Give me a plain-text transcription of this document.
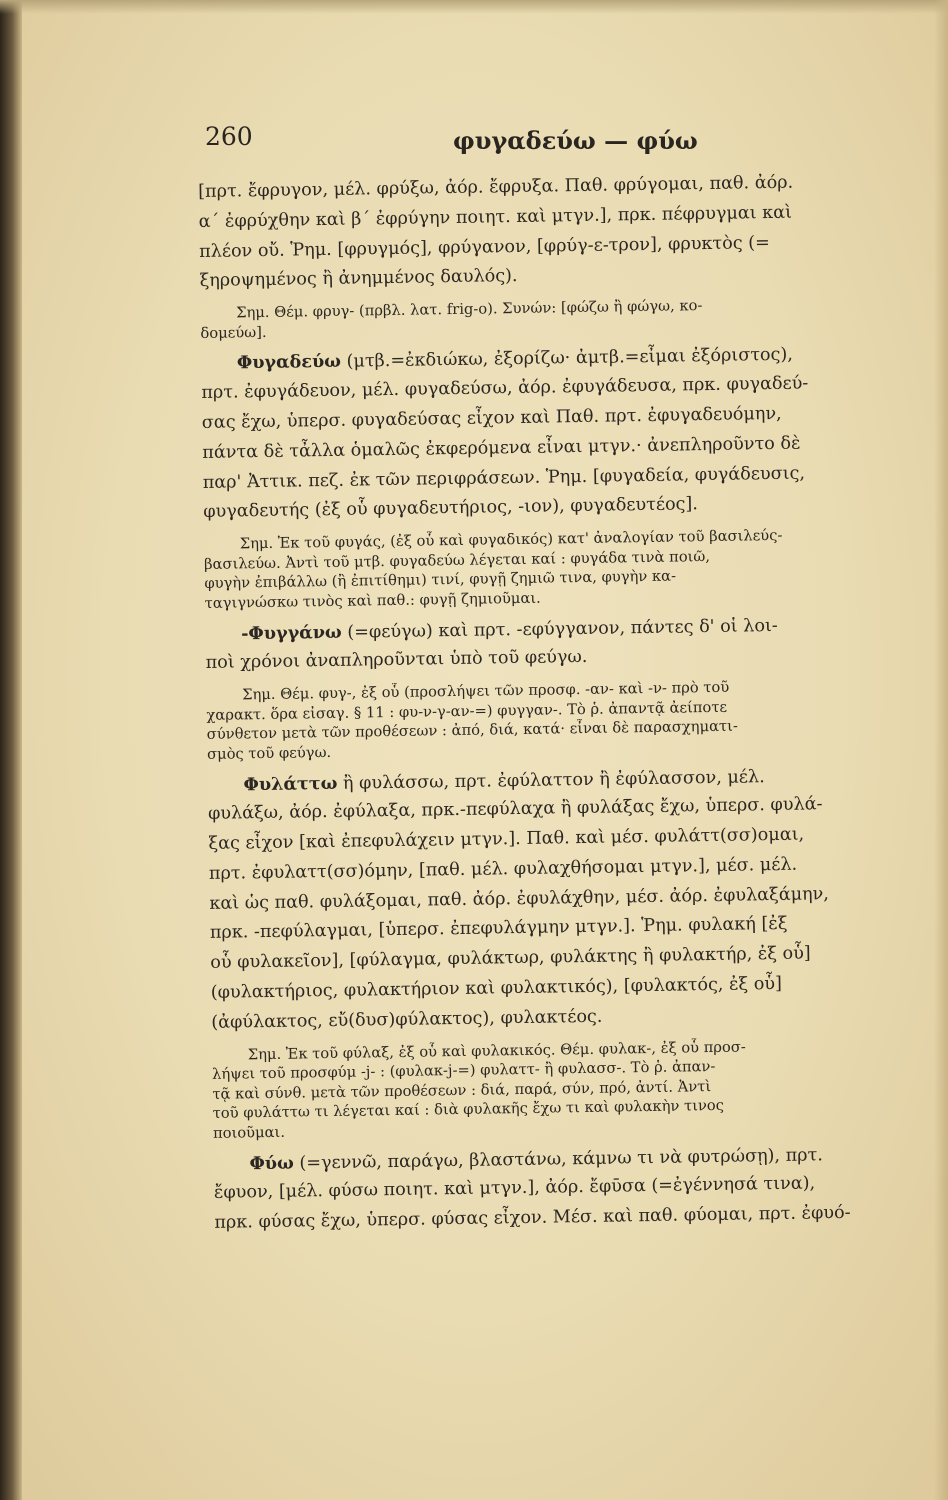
260	φυγαδεύω — φύω
[πρτ. ἔφρυγον, μέλ. φρύξω, ἀόρ. ἔφρυξα. Παθ. φρύγομαι, παθ. ἀόρ.
α΄ ἐφρύχθην καὶ β΄ ἐφρύγην ποιητ. καὶ μτγν.], πρκ. πέφρυγμαι καὶ
πλέον οὔ. Ῥημ. [φρυγμός], φρύγανον, [φρύγ-ε-τρον], φρυκτὸς (=
ξηροψημένος ἢ ἀνημμένος δαυλός).
Σημ. Θέμ. φρυγ- (πρβλ. λατ. frig-o). Συνών: [φώζω ἢ φώγω, κο-
δομεύω].
Φυγαδεύω (μτβ.=ἐκδιώκω, ἐξορίζω· ἀμτβ.=εἶμαι ἐξόριστος),
πρτ. ἐφυγάδευον, μέλ. φυγαδεύσω, ἀόρ. ἐφυγάδευσα, πρκ. φυγαδεύ-
σας ἔχω, ὑπερσ. φυγαδεύσας εἶχον καὶ Παθ. πρτ. ἐφυγαδευόμην,
πάντα δὲ τἆλλα ὁμαλῶς ἐκφερόμενα εἶναι μτγν.· ἀνεπληροῦντο δὲ
παρ' Ἀττικ. πεζ. ἐκ τῶν περιφράσεων. Ῥημ. [φυγαδεία, φυγάδευσις,
φυγαδευτής (ἐξ οὗ φυγαδευτήριος, -ιον), φυγαδευτέος].
Σημ. Ἐκ τοῦ φυγάς, (ἐξ οὗ καὶ φυγαδικός) κατ' ἀναλογίαν τοῦ βασιλεύς-
βασιλεύω. Ἀντὶ τοῦ μτβ. φυγαδεύω λέγεται καί : φυγάδα τινὰ ποιῶ,
φυγὴν ἐπιβάλλω (ἢ ἐπιτίθημι) τινί, φυγῇ ζημιῶ τινα, φυγὴν κα-
ταγιγνώσκω τινὸς καὶ παθ.: φυγῇ ζημιοῦμαι.
-Φυγγάνω (=φεύγω) καὶ πρτ. -εφύγγανον, πάντες δ' οἱ λοι-
ποὶ χρόνοι ἀναπληροῦνται ὑπὸ τοῦ φεύγω.
Σημ. Θέμ. φυγ-, ἐξ οὗ (προσλήψει τῶν προσφ. -αν- καὶ -ν- πρὸ τοῦ
χαρακτ. ὅρα εἰσαγ. § 11 : φυ-ν-γ-αν-=) φυγγαν-. Τὸ ῥ. ἀπαντᾷ ἀείποτε
σύνθετον μετὰ τῶν προθέσεων : ἀπό, διά, κατά· εἶναι δὲ παρασχηματι-
σμὸς τοῦ φεύγω.
Φυλάττω ἢ φυλάσσω, πρτ. ἐφύλαττον ἢ ἐφύλασσον, μέλ.
φυλάξω, ἀόρ. ἐφύλαξα, πρκ.-πεφύλαχα ἢ φυλάξας ἔχω, ὑπερσ. φυλά-
ξας εἶχον [καὶ ἐπεφυλάχειν μτγν.]. Παθ. καὶ μέσ. φυλάττ(σσ)ομαι,
πρτ. ἐφυλαττ(σσ)όμην, [παθ. μέλ. φυλαχθήσομαι μτγν.], μέσ. μέλ.
καὶ ὡς παθ. φυλάξομαι, παθ. ἀόρ. ἐφυλάχθην, μέσ. ἀόρ. ἐφυλαξάμην,
πρκ. -πεφύλαγμαι, [ὑπερσ. ἐπεφυλάγμην μτγν.]. Ῥημ. φυλακή [ἐξ
οὗ φυλακεῖον], [φύλαγμα, φυλάκτωρ, φυλάκτης ἢ φυλακτήρ, ἐξ οὗ]
(φυλακτήριος, φυλακτήριον καὶ φυλακτικός), [φυλακτός, ἐξ οὗ]
(ἀφύλακτος, εὔ(δυσ)φύλακτος), φυλακτέος.
Σημ. Ἐκ τοῦ φύλαξ, ἐξ οὗ καὶ φυλακικός. Θέμ. φυλακ-, ἐξ οὗ προσ-
λήψει τοῦ προσφύμ -j- : (φυλακ-j-=) φυλαττ- ἢ φυλασσ-. Τὸ ῥ. ἀπαν-
τᾷ καὶ σύνθ. μετὰ τῶν προθέσεων : διά, παρά, σύν, πρό, ἀντί. Ἀντὶ
τοῦ φυλάττω τι λέγεται καί : διὰ φυλακῆς ἔχω τι καὶ φυλακὴν τινος
ποιοῦμαι.
Φύω (=γεννῶ, παράγω, βλαστάνω, κάμνω τι νὰ φυτρώσῃ), πρτ.
ἔφυον, [μέλ. φύσω ποιητ. καὶ μτγν.], ἀόρ. ἔφῡσα (=ἐγέννησά τινα),
πρκ. φύσας ἔχω, ὑπερσ. φύσας εἶχον. Μέσ. καὶ παθ. φύομαι, πρτ. ἐφυό-
